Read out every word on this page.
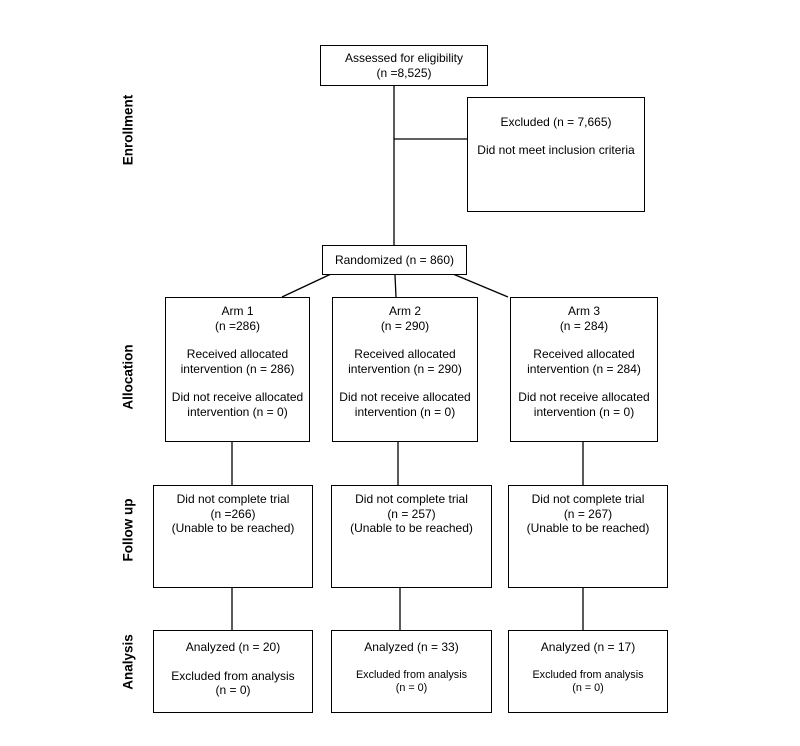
Enrollment
Allocation
Follow up
Analysis
Assessed for eligibility
(n =8,525)
Excluded (n = 7,665)
Did not meet inclusion criteria
Randomized (n = 860)
Arm 1
(n =286)
Received allocated
intervention (n = 286)
Did not receive allocated
intervention (n = 0)
Arm 2
(n = 290)
Received allocated
intervention (n = 290)
Did not receive allocated
intervention (n = 0)
Arm 3
(n = 284)
Received allocated
intervention (n = 284)
Did not receive allocated
intervention (n = 0)
Did not complete trial
(n =266)
(Unable to be reached)
Did not complete trial
(n = 257)
(Unable to be reached)
Did not complete trial
(n = 267)
(Unable to be reached)
Analyzed (n = 20)
Excluded from analysis
(n = 0)
Analyzed (n = 33)
Excluded from analysis
(n = 0)
Analyzed (n = 17)
Excluded from analysis
(n = 0)
